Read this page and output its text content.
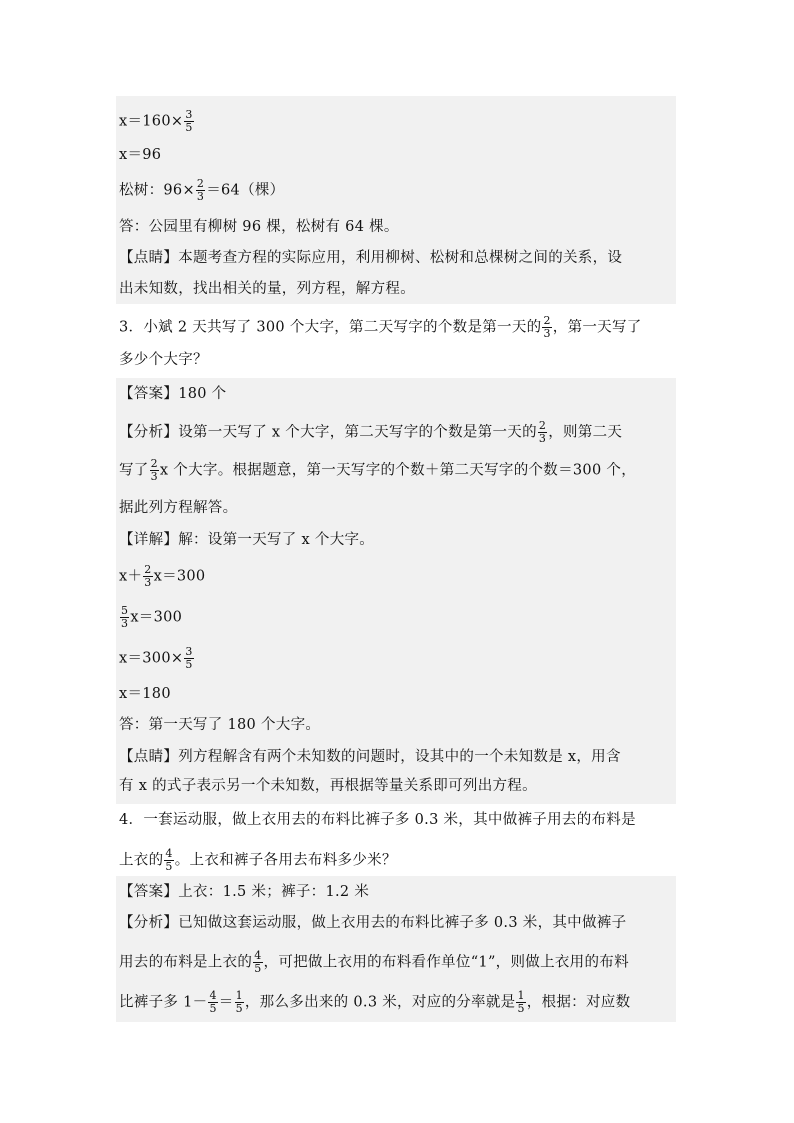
$x=160\times \frac{3}{5}$
x＝96
松树：$96\times \frac{2}{3} =64$（棵）
答：公园里有柳树 96 棵，松树有 64 棵。
【点睛】本题考查方程的实际应用，利用柳树、松树和总棵树之间的关系，设
出未知数，找出相关的量，列方程，解方程。
3．小斌 2 天共写了 300 个大字，第二天写字的个数是第一天的 $\frac{2}{3}$ ，第一天写了
多少个大字？
【答案】180 个
【分析】设第一天写了 x 个大字，第二天写字的个数是第一天的 $\frac{2}{3}$ ，则第二天
写了 $\frac{2}{3}$ x 个大字。根据题意，第一天写字的个数＋第二天写字的个数＝300 个，
据此列方程解答。
【详解】解：设第一天写了 x 个大字。
$x+ \frac{2}{3} x=300$
$\frac{5}{3} x=300$
$x=300\times \frac{3}{5}$
x＝180
答：第一天写了 180 个大字。
【点睛】列方程解含有两个未知数的问题时，设其中的一个未知数是 x，用含
有 x 的式子表示另一个未知数，再根据等量关系即可列出方程。
4．一套运动服，做上衣用去的布料比裤子多 0.3 米，其中做裤子用去的布料是
上衣的 $\frac{4}{5}$ 。上衣和裤子各用去布料多少米？
【答案】上衣：1.5 米；裤子：1.2 米
【分析】已知做这套运动服，做上衣用去的布料比裤子多 0.3 米，其中做裤子
用去的布料是上衣的 $\frac{4}{5}$ ，可把做上衣用的布料看作单位“1”，则做上衣用的布料
比裤子多 $1- \frac{4}{5} = \frac{1}{5}$ ，那么多出来的 0.3 米，对应的分率就是 $\frac{1}{5}$ ，根据：对应数
